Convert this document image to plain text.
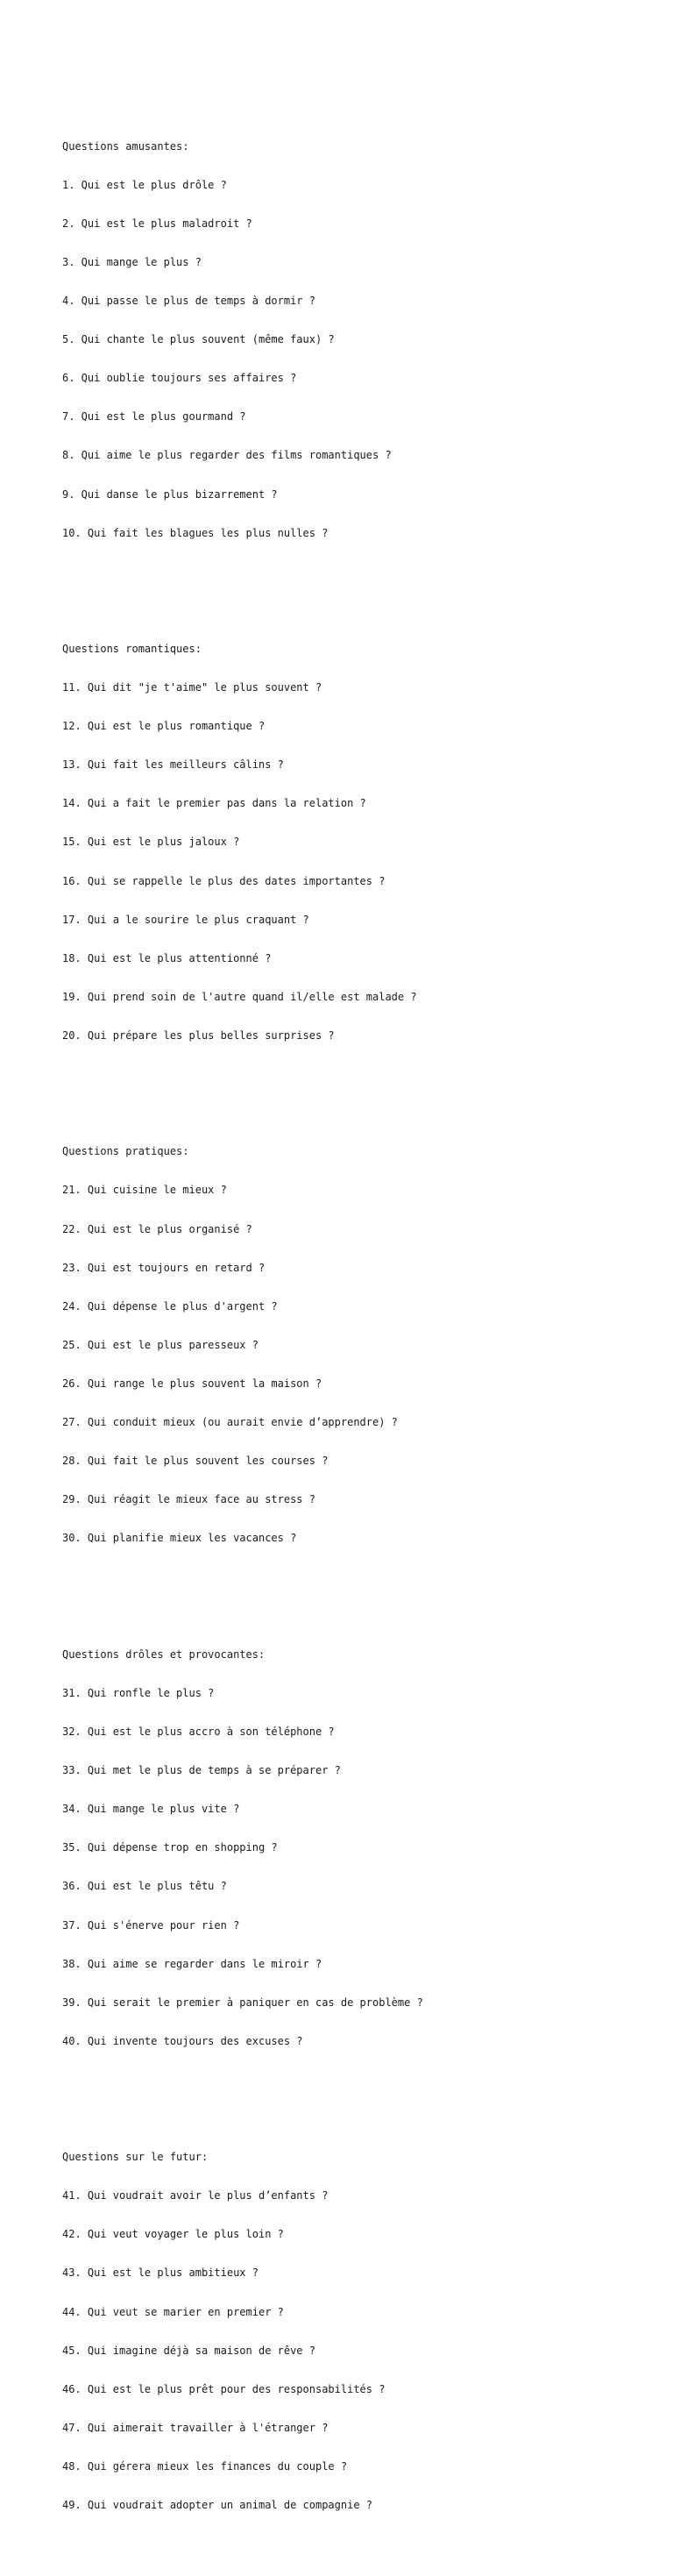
Questions amusantes:

1. Qui est le plus drôle ?

2. Qui est le plus maladroit ?

3. Qui mange le plus ?

4. Qui passe le plus de temps à dormir ?

5. Qui chante le plus souvent (même faux) ?

6. Qui oublie toujours ses affaires ?

7. Qui est le plus gourmand ?

8. Qui aime le plus regarder des films romantiques ?

9. Qui danse le plus bizarrement ?

10. Qui fait les blagues les plus nulles ?

Questions romantiques:

11. Qui dit "je t'aime" le plus souvent ?

12. Qui est le plus romantique ?

13. Qui fait les meilleurs câlins ?

14. Qui a fait le premier pas dans la relation ?

15. Qui est le plus jaloux ?

16. Qui se rappelle le plus des dates importantes ?

17. Qui a le sourire le plus craquant ?

18. Qui est le plus attentionné ?

19. Qui prend soin de l'autre quand il/elle est malade ?

20. Qui prépare les plus belles surprises ?

Questions pratiques:

21. Qui cuisine le mieux ?

22. Qui est le plus organisé ?

23. Qui est toujours en retard ?

24. Qui dépense le plus d'argent ?

25. Qui est le plus paresseux ?

26. Qui range le plus souvent la maison ?

27. Qui conduit mieux (ou aurait envie d’apprendre) ?

28. Qui fait le plus souvent les courses ?

29. Qui réagit le mieux face au stress ?

30. Qui planifie mieux les vacances ?

Questions drôles et provocantes:

31. Qui ronfle le plus ?

32. Qui est le plus accro à son téléphone ?

33. Qui met le plus de temps à se préparer ?

34. Qui mange le plus vite ?

35. Qui dépense trop en shopping ?

36. Qui est le plus têtu ?

37. Qui s'énerve pour rien ?

38. Qui aime se regarder dans le miroir ?

39. Qui serait le premier à paniquer en cas de problème ?

40. Qui invente toujours des excuses ?

Questions sur le futur:

41. Qui voudrait avoir le plus d’enfants ?

42. Qui veut voyager le plus loin ?

43. Qui est le plus ambitieux ?

44. Qui veut se marier en premier ?

45. Qui imagine déjà sa maison de rêve ?

46. Qui est le plus prêt pour des responsabilités ?

47. Qui aimerait travailler à l'étranger ?

48. Qui gérera mieux les finances du couple ?

49. Qui voudrait adopter un animal de compagnie ?
